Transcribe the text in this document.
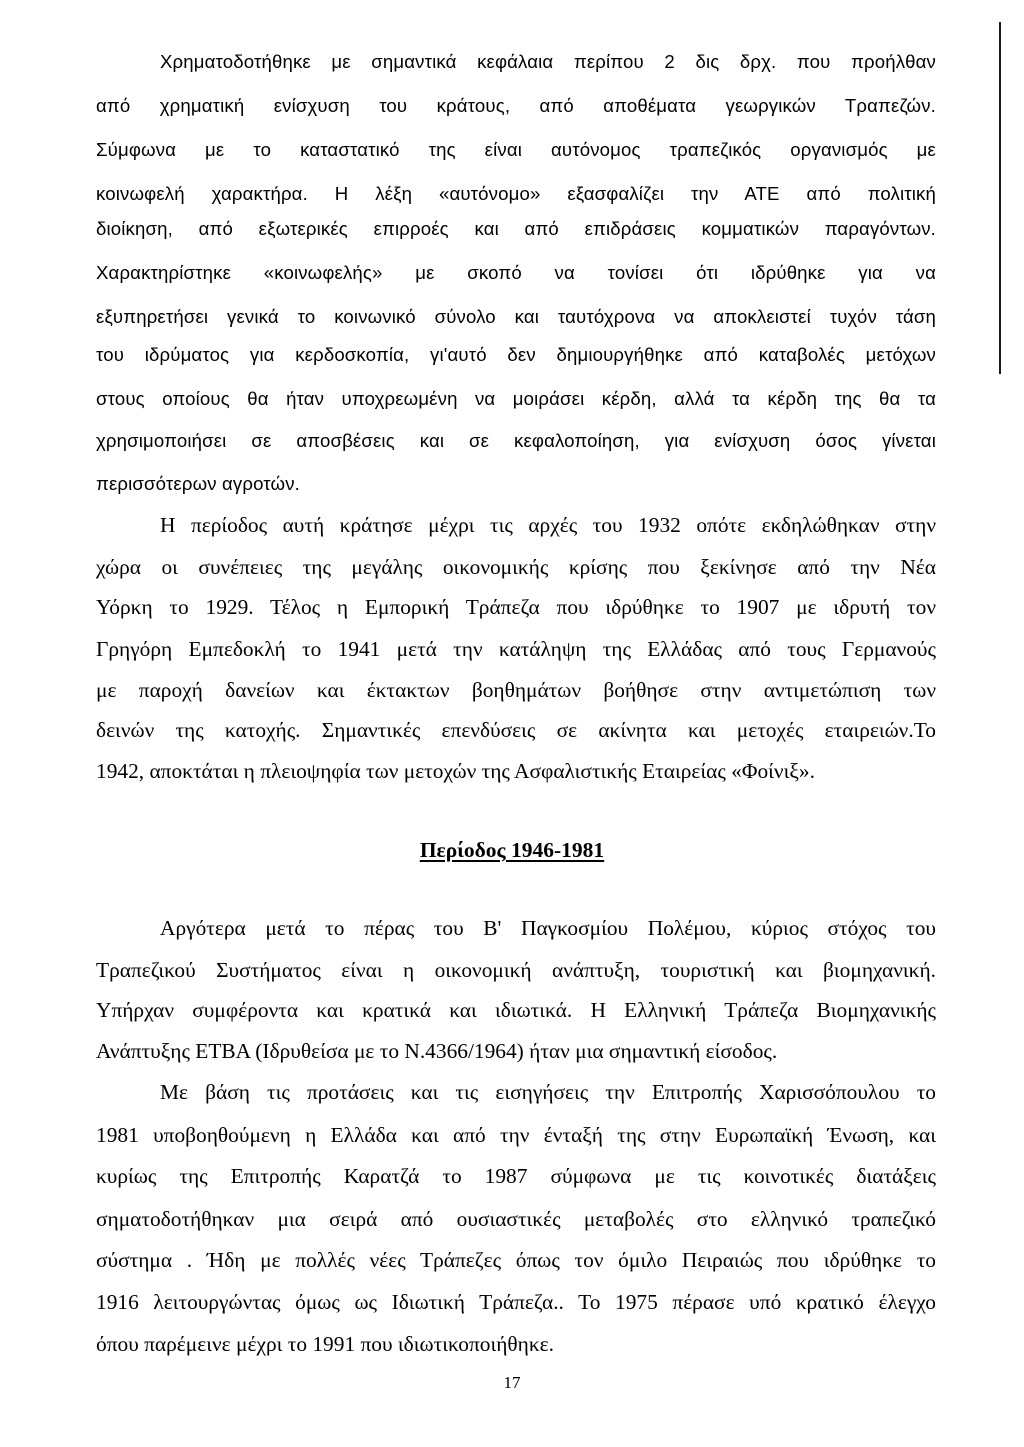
Χρηματοδοτήθηκε με σημαντικά κεφάλαια περίπου 2 δις δρχ. που προήλθαν
από χρηματική ενίσχυση του κράτους, από αποθέματα γεωργικών Τραπεζών.
Σύμφωνα με το καταστατικό της είναι αυτόνομος τραπεζικός οργανισμός με
κοινωφελή χαρακτήρα. Η λέξη «αυτόνομο» εξασφαλίζει την ΑΤΕ από πολιτική
διοίκηση, από εξωτερικές επιρροές και από επιδράσεις κομματικών παραγόντων.
Χαρακτηρίστηκε «κοινωφελής» με σκοπό να τονίσει ότι ιδρύθηκε για να
εξυπηρετήσει γενικά το κοινωνικό σύνολο και ταυτόχρονα να αποκλειστεί τυχόν τάση
του ιδρύματος για κερδοσκοπία, γι'αυτό δεν δημιουργήθηκε από καταβολές μετόχων
στους οποίους θα ήταν υποχρεωμένη να μοιράσει κέρδη, αλλά τα κέρδη της θα τα
χρησιμοποιήσει σε αποσβέσεις και σε κεφαλοποίηση, για ενίσχυση όσος γίνεται
περισσότερων αγροτών.
Η περίοδος αυτή κράτησε μέχρι τις αρχές του 1932 οπότε εκδηλώθηκαν στην
χώρα οι συνέπειες της μεγάλης οικονομικής κρίσης που ξεκίνησε από την Νέα
Υόρκη το 1929. Τέλος η Εμπορική Τράπεζα που ιδρύθηκε το 1907 με ιδρυτή τον
Γρηγόρη Εμπεδοκλή το 1941 μετά την κατάληψη της Ελλάδας από τους Γερμανούς
με παροχή δανείων και έκτακτων βοηθημάτων βοήθησε στην αντιμετώπιση των
δεινών της κατοχής. Σημαντικές επενδύσεις σε ακίνητα και μετοχές εταιρειών.Το
1942, αποκτάται η πλειοψηφία των μετοχών της Ασφαλιστικής Εταιρείας «Φοίνιξ».
Περίοδος 1946-1981
Αργότερα μετά το πέρας του Β' Παγκοσμίου Πολέμου, κύριος στόχος του
Τραπεζικού Συστήματος είναι η οικονομική ανάπτυξη, τουριστική και βιομηχανική.
Υπήρχαν συμφέροντα και κρατικά και ιδιωτικά. Η Ελληνική Τράπεζα Βιομηχανικής
Ανάπτυξης ΕΤΒΑ (Ιδρυθείσα με το Ν.4366/1964) ήταν μια σημαντική είσοδος.
Με βάση τις προτάσεις και τις εισηγήσεις την Επιτροπής Χαρισσόπουλου το
1981 υποβοηθούμενη η Ελλάδα και από την ένταξή της στην Ευρωπαϊκή Ένωση, και
κυρίως της Επιτροπής Καρατζά το 1987 σύμφωνα με τις κοινοτικές διατάξεις
σηματοδοτήθηκαν μια σειρά από ουσιαστικές μεταβολές στο ελληνικό τραπεζικό
σύστημα . Ήδη με πολλές νέες Τράπεζες όπως τον όμιλο Πειραιώς που ιδρύθηκε το
1916 λειτουργώντας όμως ως Ιδιωτική Τράπεζα.. Το 1975 πέρασε υπό κρατικό έλεγχο
όπου παρέμεινε μέχρι το 1991 που ιδιωτικοποιήθηκε.
17
